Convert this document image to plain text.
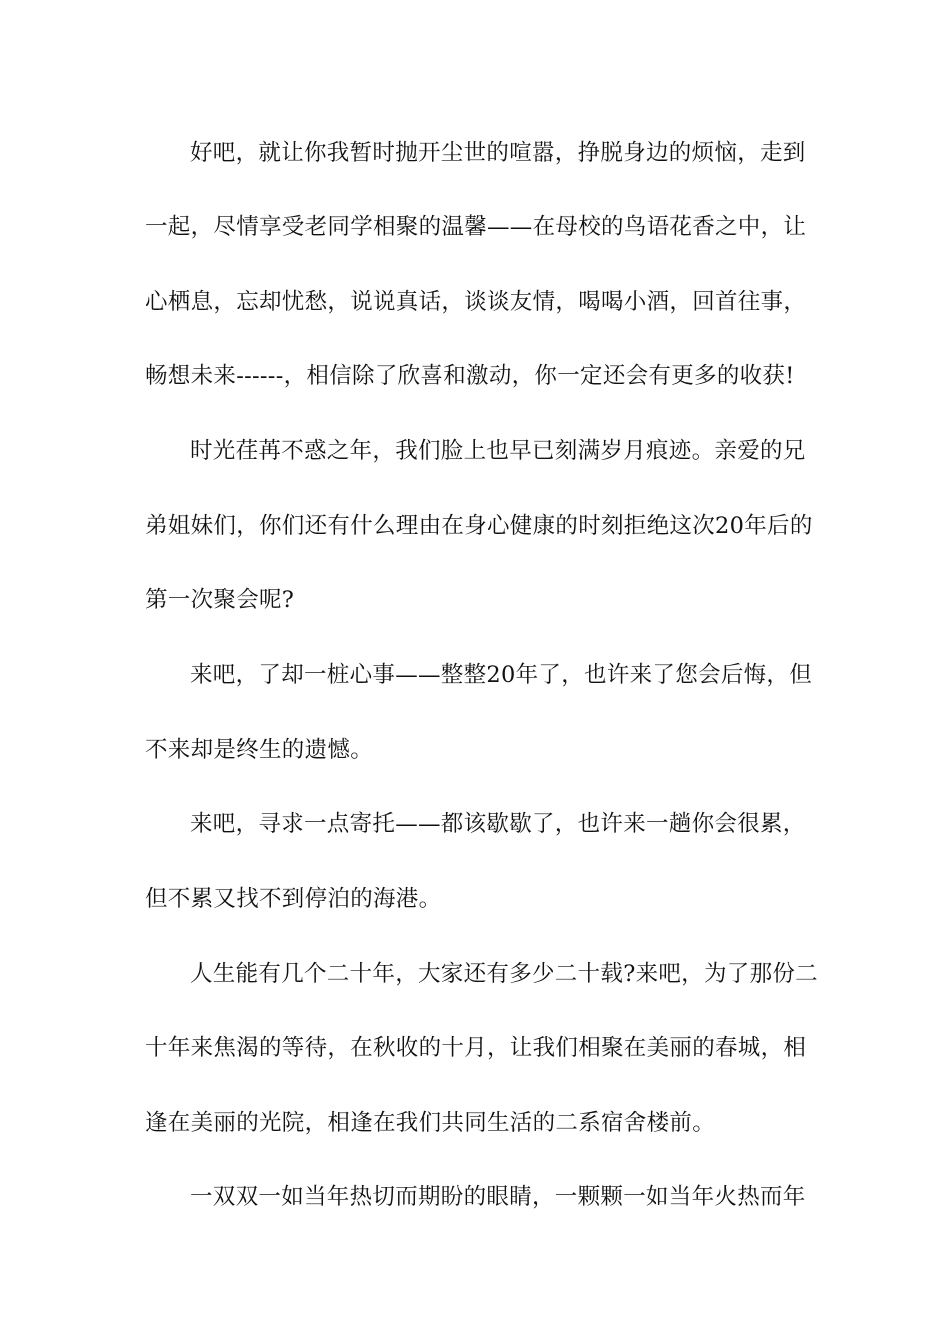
好吧，就让你我暂时抛开尘世的喧嚣，挣脱身边的烦恼，走到
一起，尽情享受老同学相聚的温馨——在母校的鸟语花香之中，让
心栖息，忘却忧愁，说说真话，谈谈友情，喝喝小酒，回首往事，
畅想未来------，相信除了欣喜和激动，你一定还会有更多的收获!
时光荏苒不惑之年，我们脸上也早已刻满岁月痕迹。亲爱的兄
弟姐妹们，你们还有什么理由在身心健康的时刻拒绝这次20年后的
第一次聚会呢?
来吧，了却一桩心事——整整20年了，也许来了您会后悔，但
不来却是终生的遗憾。
来吧，寻求一点寄托——都该歇歇了，也许来一趟你会很累，
但不累又找不到停泊的海港。
人生能有几个二十年，大家还有多少二十载?来吧，为了那份二
十年来焦渴的等待，在秋收的十月，让我们相聚在美丽的春城，相
逢在美丽的光院，相逢在我们共同生活的二系宿舍楼前。
一双双一如当年热切而期盼的眼睛，一颗颗一如当年火热而年
